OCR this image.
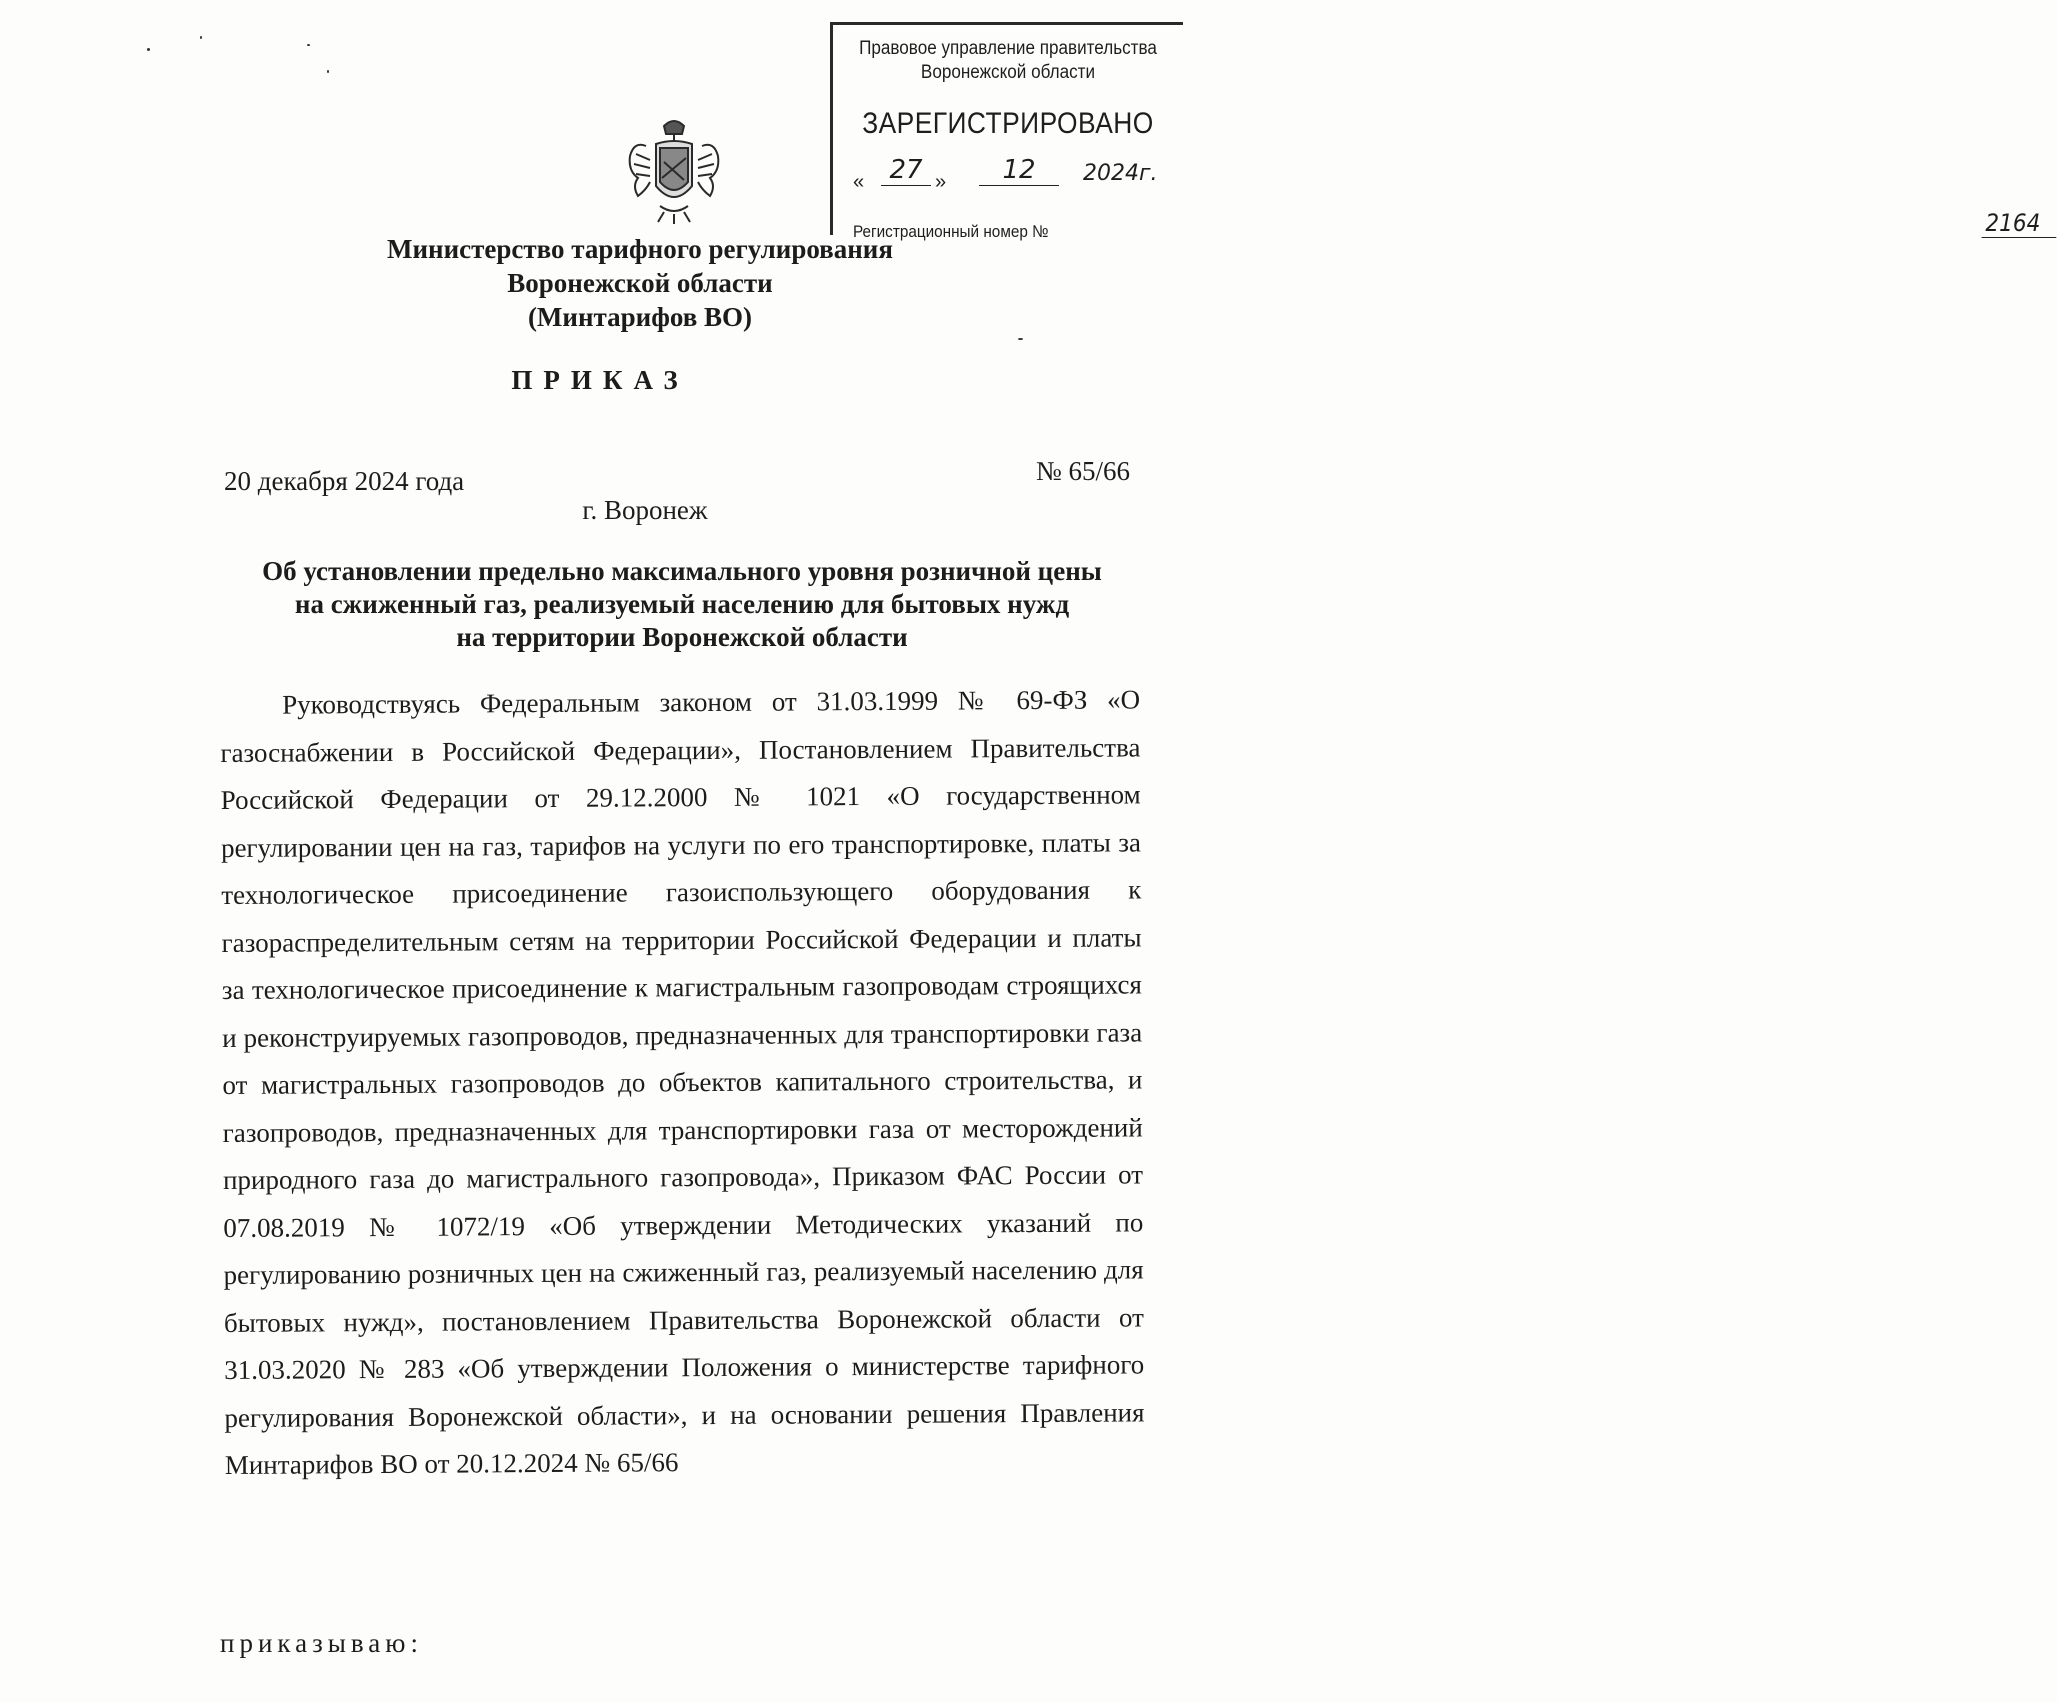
Правовое управление правительства
Воронежской области
ЗАРЕГИСТРИРОВАНО
« 27 »	12	2024г.
Регистрационный номер №	2164
Министерство тарифного регулирования
Воронежской области
(Минтарифов ВО)
ПРИКАЗ
20 декабря 2024 года	№ 65/66
г. Воронеж
Об установлении предельно максимального уровня розничной цены
на сжиженный газ, реализуемый населению для бытовых нужд
на территории Воронежской области
Руководствуясь Федеральным законом от 31.03.1999 № 69-ФЗ «О газоснабжении в Российской Федерации», Постановлением Правительства Российской Федерации от 29.12.2000 № 1021 «О государственном регулировании цен на газ, тарифов на услуги по его транспортировке, платы за технологическое присоединение газоиспользующего оборудования к газораспределительным сетям на территории Российской Федерации и платы за технологическое присоединение к магистральным газопроводам строящихся и реконструируемых газопроводов, предназначенных для транспортировки газа от магистральных газопроводов до объектов капитального строительства, и газопроводов, предназначенных для транспортировки газа от месторождений природного газа до магистрального газопровода», Приказом ФАС России от 07.08.2019 № 1072/19 «Об утверждении Методических указаний по регулированию розничных цен на сжиженный газ, реализуемый населению для бытовых нужд», постановлением Правительства Воронежской области от 31.03.2020 № 283 «Об утверждении Положения о министерстве тарифного регулирования Воронежской области», и на основании решения Правления Минтарифов ВО от 20.12.2024 № 65/66
приказываю:
